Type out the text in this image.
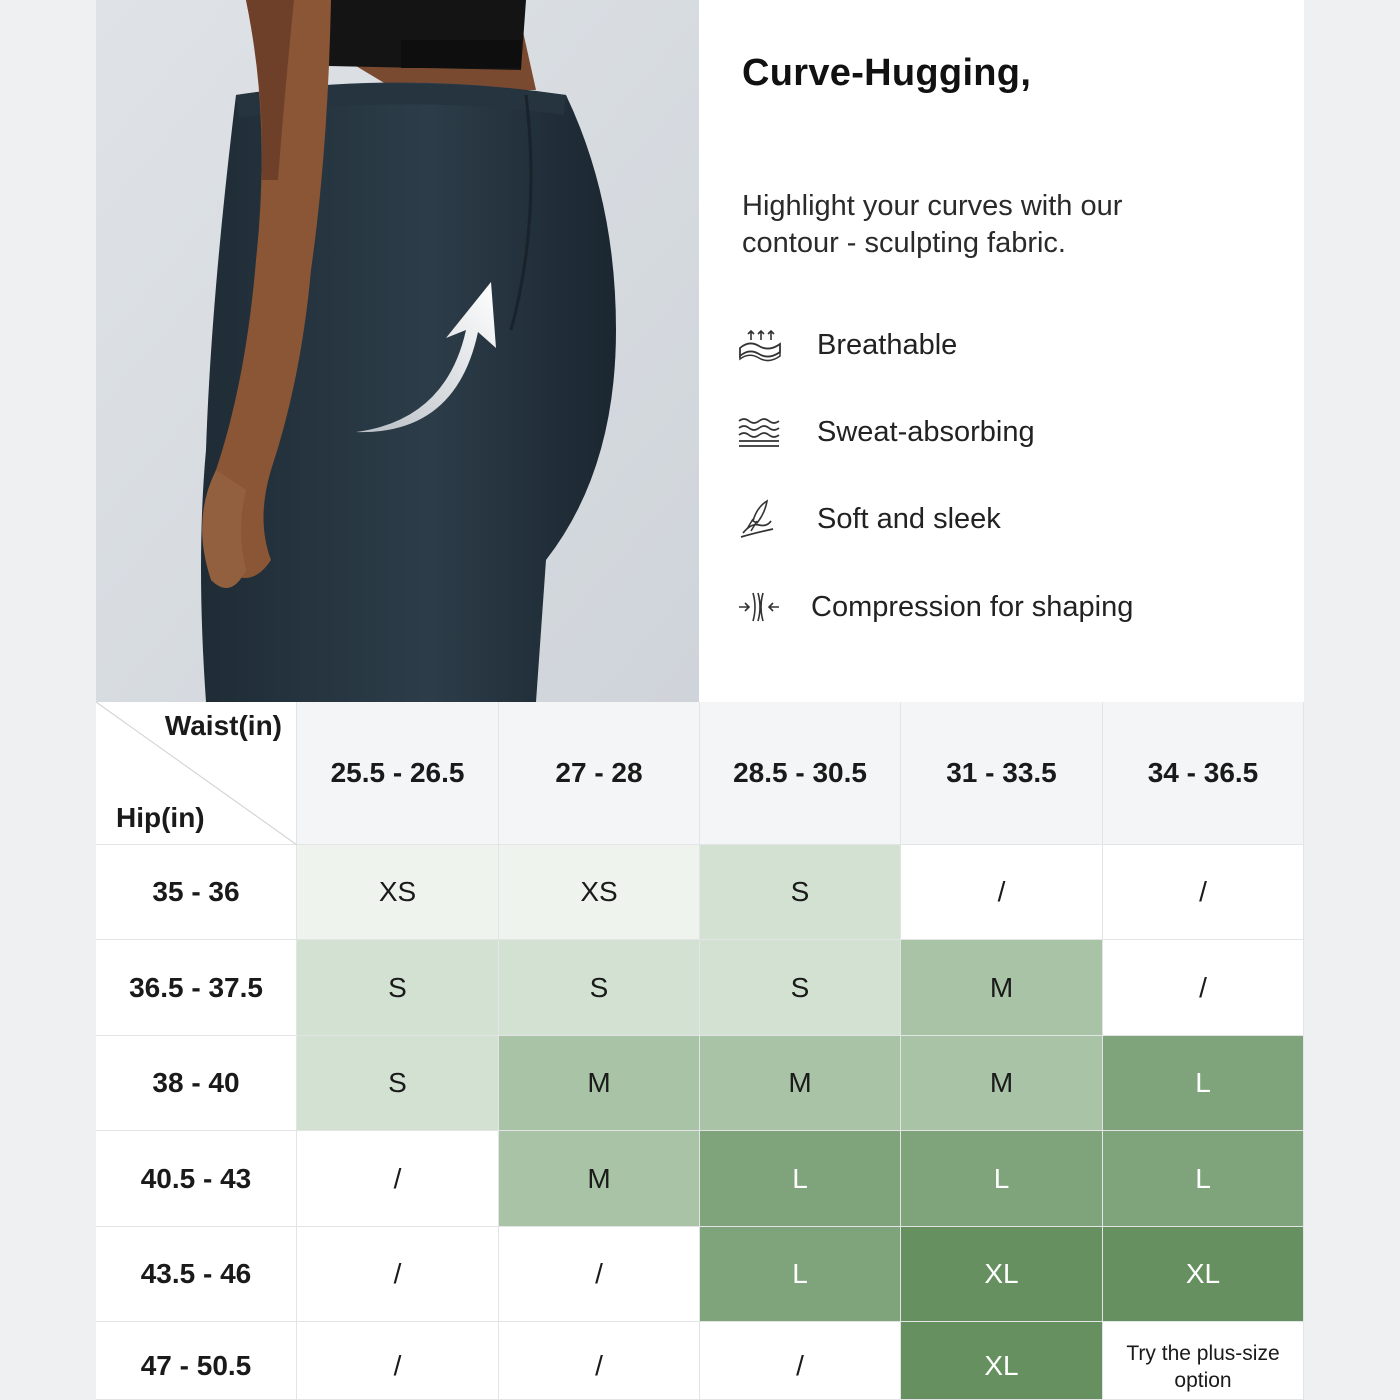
Curve-Hugging,

Highlight your curves with our contour - sculpting fabric.

Breathable
Sweat-absorbing
Soft and sleek
Compression for shaping
Waist(in)
Hip(in)
25.5 - 26.5	27 - 28	28.5 - 30.5	31 - 33.5	34 - 36.5
35 - 36	XS	XS	S	/	/
36.5 - 37.5	S	S	S	M	/
38 - 40	S	M	M	M	L
40.5 - 43	/	M	L	L	L
43.5 - 46	/	/	L	XL	XL
47 - 50.5	/	/	/	XL	Try the plus-size option
